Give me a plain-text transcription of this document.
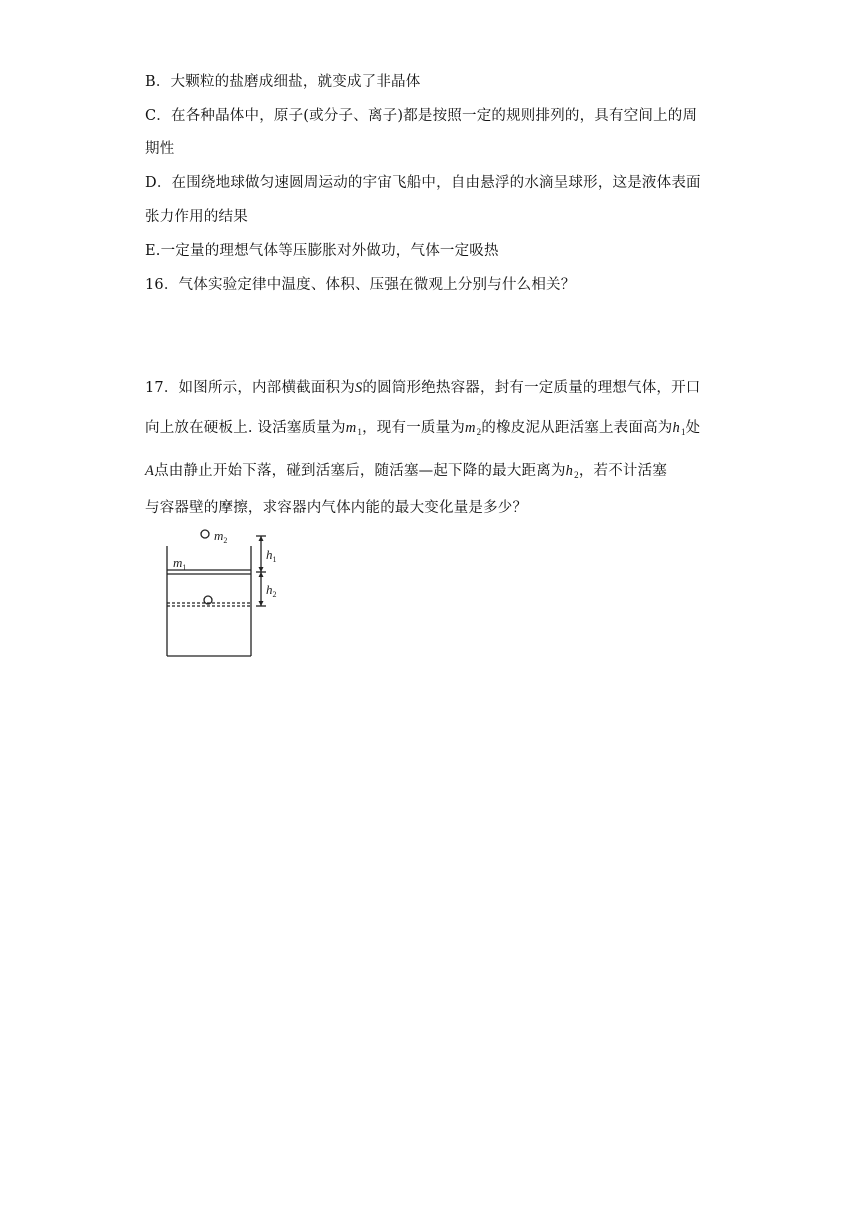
B．大颗粒的盐磨成细盐，就变成了非晶体
C．在各种晶体中，原子(或分子、离子)都是按照一定的规则排列的，具有空间上的周
期性
D．在围绕地球做匀速圆周运动的宇宙飞船中，自由悬浮的水滴呈球形，这是液体表面
张力作用的结果
E.一定量的理想气体等压膨胀对外做功，气体一定吸热
16．气体实验定律中温度、体积、压强在微观上分别与什么相关？
17．如图所示，内部横截面积为S的圆筒形绝热容器，封有一定质量的理想气体，开口
向上放在硬板上. 设活塞质量为$m_1$，现有一质量为$m_2$的橡皮泥从距活塞上表面高为$h_1$处
A点由静止开始下落，碰到活塞后，随活塞—起下降的最大距离为$h_2$，若不计活塞
与容器壁的摩擦，求容器内气体内能的最大变化量是多少？
$m_2$
$m_1$
$h_1$
$h_2$
